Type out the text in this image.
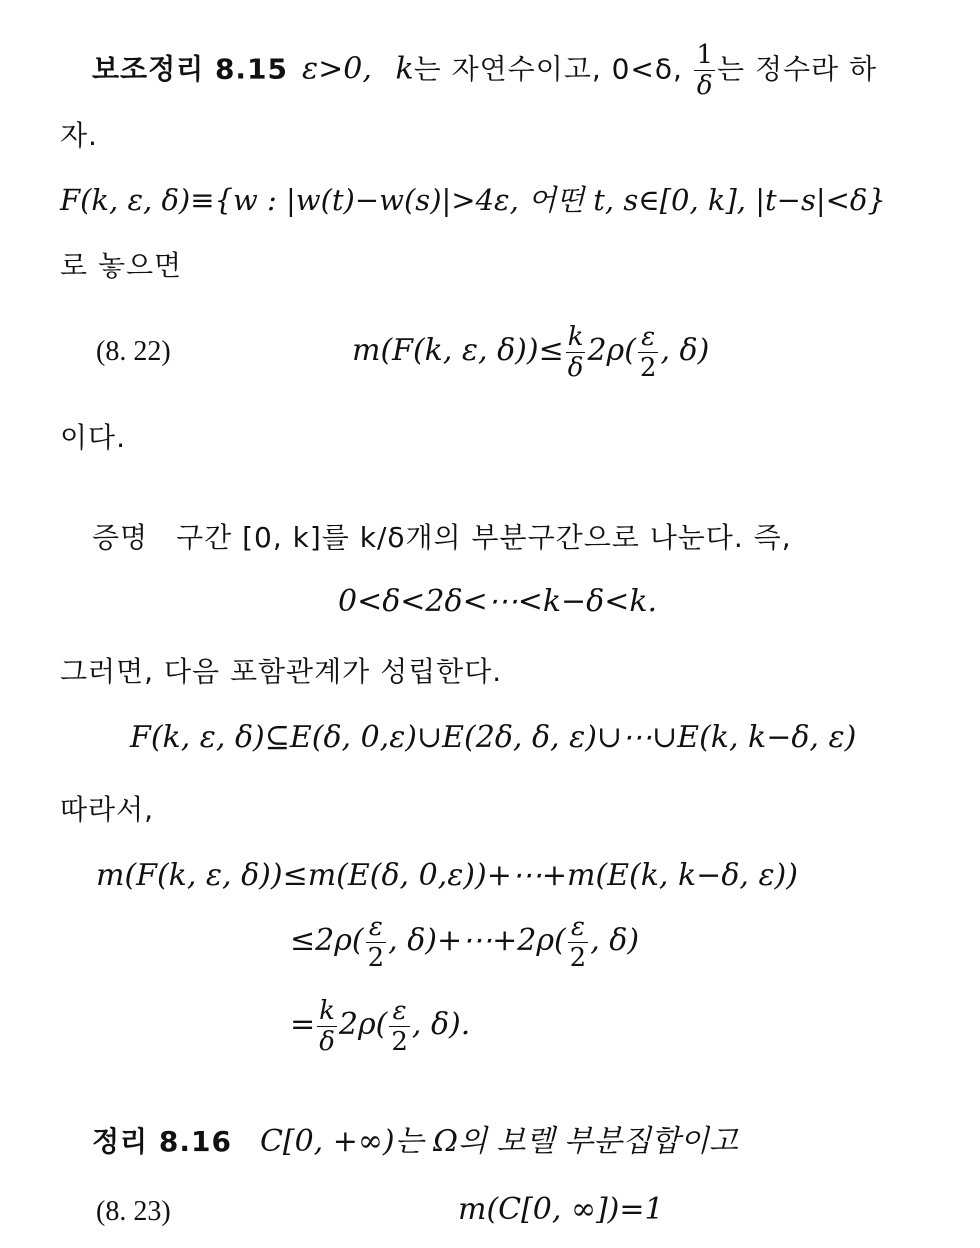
보조정리 8.15 ε>0, k는 자연수이고, 0<δ, $\frac{1}{\delta}$ 는 정수라 하
자.
F(k, ε, δ)≡{w : |w(t)−w(s)|>4ε, 어떤 t, s∈[0, k], |t−s|<δ}
로 놓으면
(8. 22)	m(F(k, ε, $\delta))\le \frac{k}{\delta} 2\rho( \frac{\varepsilon}{2}$ , δ)
이다.
증명 구간 [0, k]를 k/δ개의 부분구간으로 나눈다. 즉,
0<δ<2δ<⋯<k−δ<k.
그러면, 다음 포함관계가 성립한다.
F(k, ε, δ)⊆E(δ, 0,ε)∪E(2δ, δ, ε)∪⋯∪E(k, k−δ, ε)
따라서,
m(F(k, ε, δ))≤m(E(δ, 0,ε))+⋯+m(E(k, k−δ, ε))
$\le 2\rho( \frac{\varepsilon}{2}$ , δ)+⋯+2ρ( $\frac{\varepsilon}{2}$ , δ)
= $\frac{k}{\delta} 2\rho( \frac{\varepsilon}{2}$ , δ).
정리 8.16 C[0, +∞)는 Ω의 보렐 부분집합이고
(8. 23)	m(C[0, ∞])=1
